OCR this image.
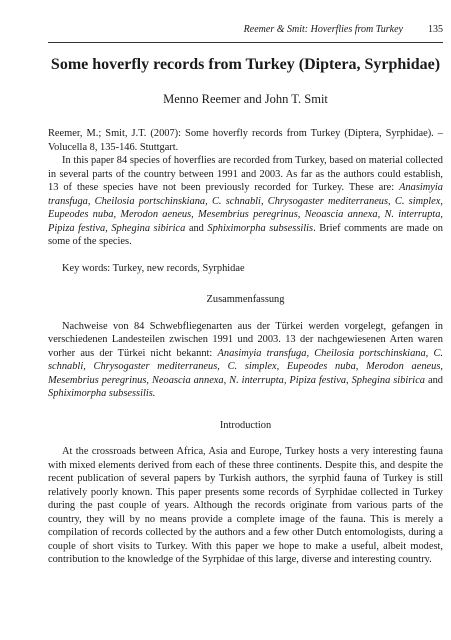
Reemer & Smit: Hoverflies from Turkey	135
Some hoverfly records from Turkey (Diptera, Syrphidae)
Menno Reemer and John T. Smit

Reemer, M.; Smit, J.T. (2007): Some hoverfly records from Turkey (Diptera, Syrphidae). – Volucella 8, 135-146. Stuttgart.

In this paper 84 species of hoverflies are recorded from Turkey, based on material collected in several parts of the country between 1991 and 2003. As far as the authors could establish, 13 of these species have not been previously recorded for Turkey. These are: Anasimyia transfuga, Cheilosia portschinskiana, C. schnabli, Chrysogaster mediterraneus, C. simplex, Eupeodes nuba, Merodon aeneus, Mesembrius peregrinus, Neoascia annexa, N. interrupta, Pipiza festiva, Sphegina sibirica and Sphiximorpha subsessilis. Brief comments are made on some of the species.

Key words: Turkey, new records, Syrphidae

Zusammenfassung

Nachweise von 84 Schwebfliegenarten aus der Türkei werden vorgelegt, gefangen in verschiedenen Landesteilen zwischen 1991 und 2003. 13 der nachgewiesenen Arten waren vorher aus der Türkei nicht bekannt: Anasimyia transfuga, Cheilosia portschinskiana, C. schnabli, Chrysogaster mediterraneus, C. simplex, Eupeodes nuba, Merodon aeneus, Mesembrius peregrinus, Neoascia annexa, N. interrupta, Pipiza festiva, Sphegina sibirica and Sphiximorpha subsessilis.

Introduction

At the crossroads between Africa, Asia and Europe, Turkey hosts a very interesting fauna with mixed elements derived from each of these three continents. Despite this, and despite the recent publication of several papers by Turkish authors, the syrphid fauna of Turkey is still relatively poorly known. This paper presents some records of Syrphidae collected in Turkey during the past couple of years. Although the records originate from various parts of the country, they will by no means provide a complete image of the fauna. This is merely a compilation of records collected by the authors and a few other Dutch entomologists, during a couple of short visits to Turkey. With this paper we hope to make a useful, albeit modest, contribution to the knowledge of the Syrphidae of this large, diverse and interesting country.
